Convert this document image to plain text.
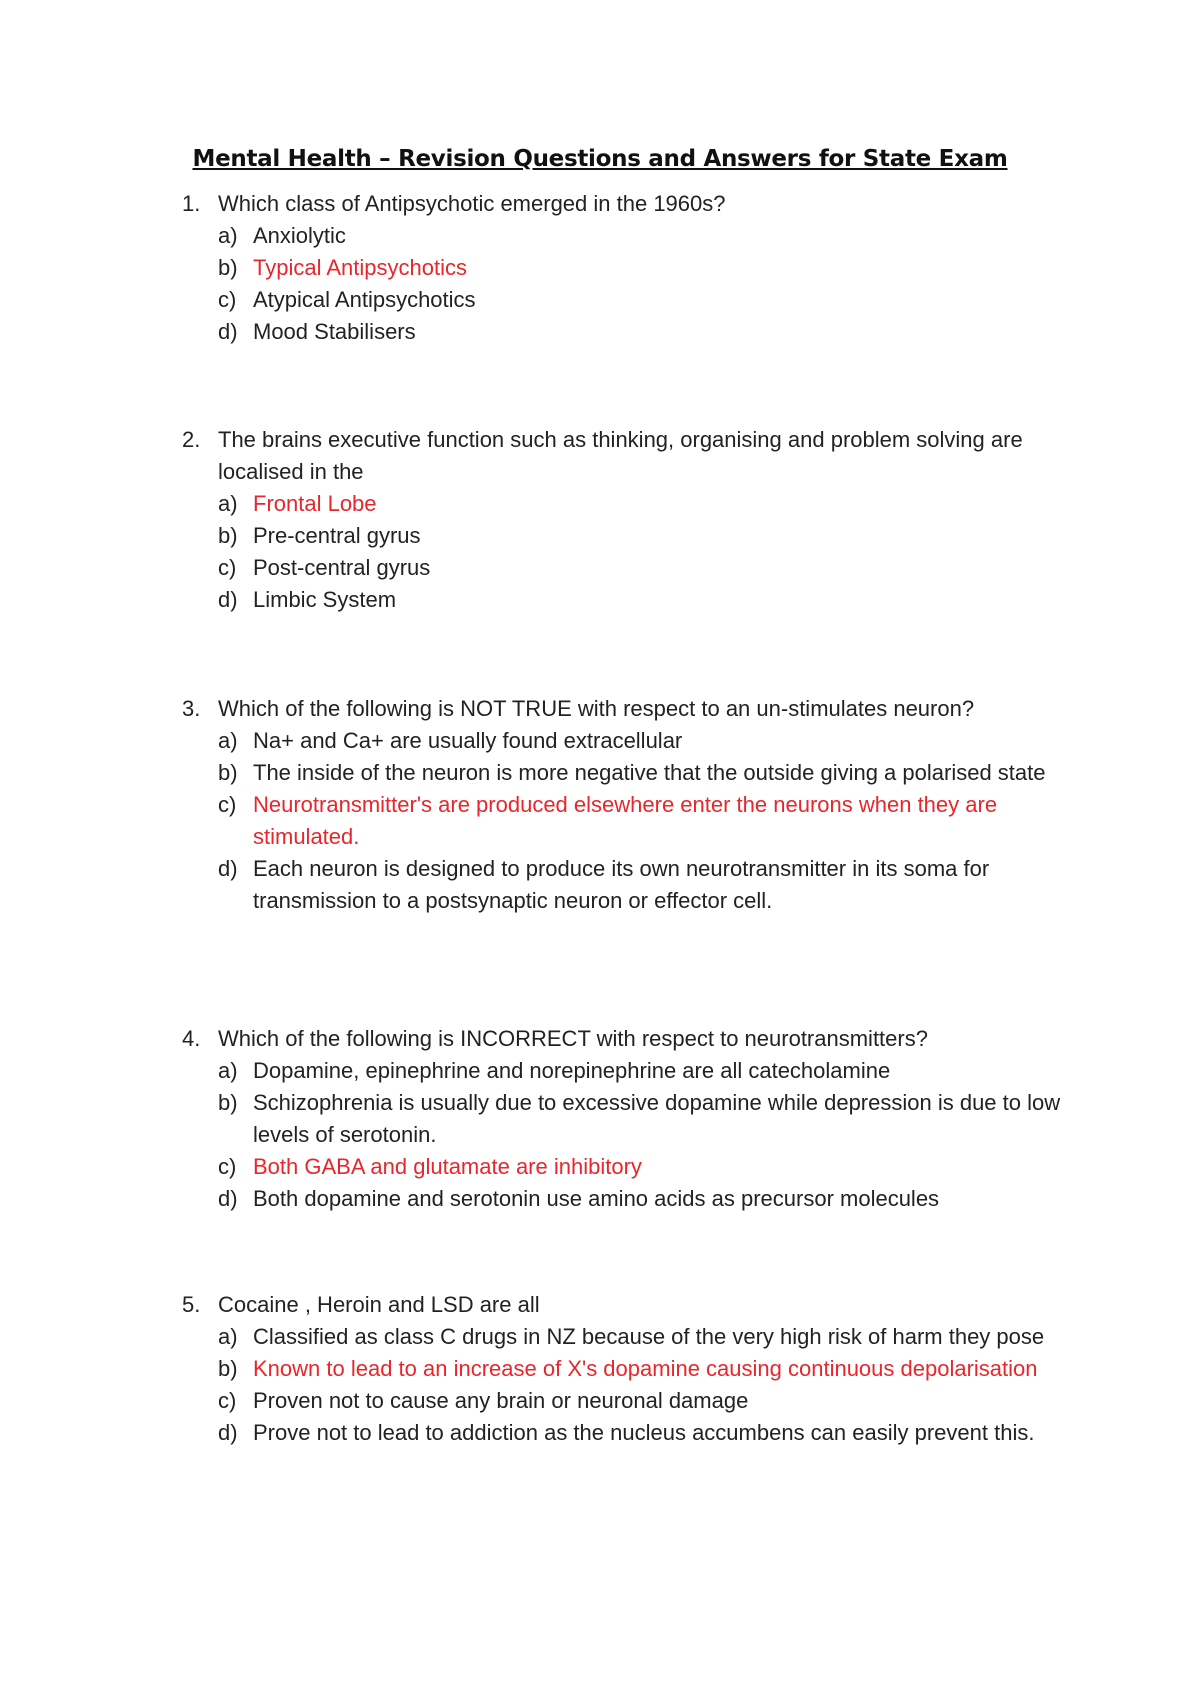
Mental Health – Revision Questions and Answers for State Exam
1. Which class of Antipsychotic emerged in the 1960s?
a) Anxiolytic
b) Typical Antipsychotics
c) Atypical Antipsychotics
d) Mood Stabilisers
2. The brains executive function such as thinking, organising and problem solving are localised in the
a) Frontal Lobe
b) Pre-central gyrus
c) Post-central gyrus
d) Limbic System
3. Which of the following is NOT TRUE with respect to an un-stimulates neuron?
a) Na+ and Ca+ are usually found extracellular
b) The inside of the neuron is more negative that the outside giving a polarised state
c) Neurotransmitter's are produced elsewhere enter the neurons when they are stimulated.
d) Each neuron is designed to produce its own neurotransmitter in its soma for transmission to a postsynaptic neuron or effector cell.
4. Which of the following is INCORRECT with respect to neurotransmitters?
a) Dopamine, epinephrine and norepinephrine are all catecholamine
b) Schizophrenia is usually due to excessive dopamine while depression is due to low levels of serotonin.
c) Both GABA and glutamate are inhibitory
d) Both dopamine and serotonin use amino acids as precursor molecules
5. Cocaine , Heroin and LSD are all
a) Classified as class C drugs in NZ because of the very high risk of harm they pose
b) Known to lead to an increase of X's dopamine causing continuous depolarisation
c) Proven not to cause any brain or neuronal damage
d) Prove not to lead to addiction as the nucleus accumbens can easily prevent this.
